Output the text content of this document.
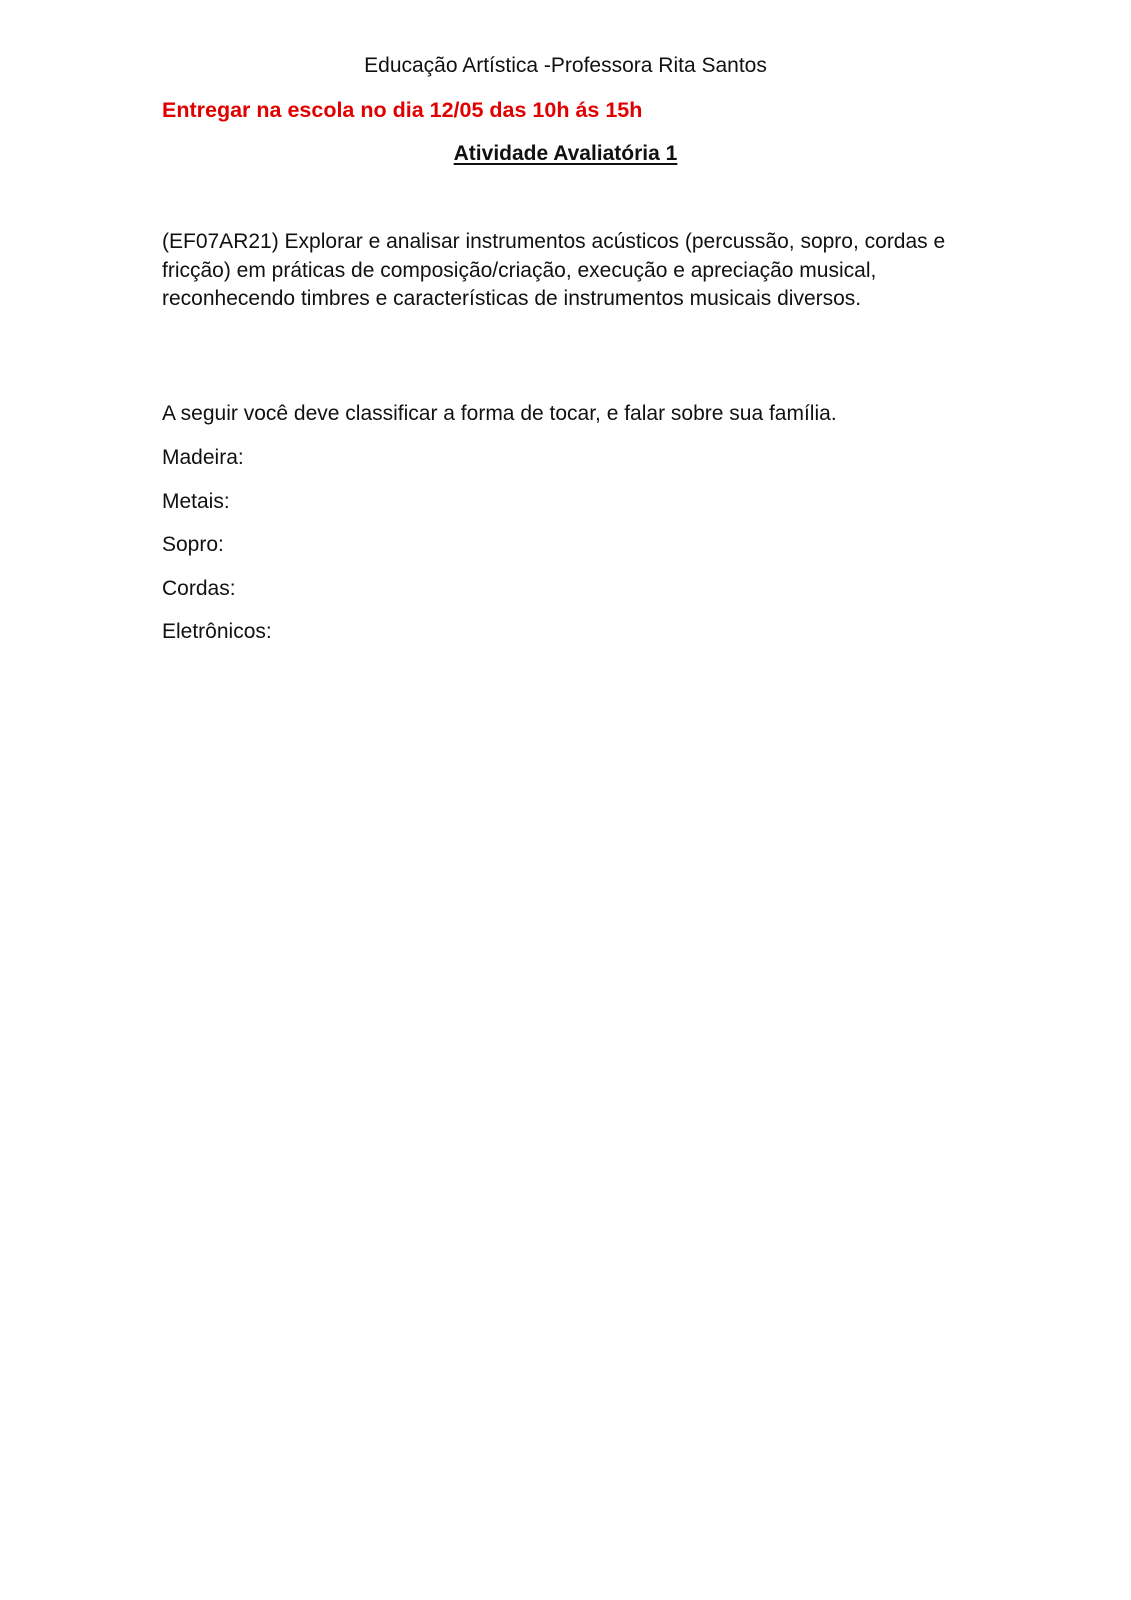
Educação Artística -Professora Rita Santos
Entregar na escola no dia 12/05 das 10h ás 15h
Atividade Avaliatória 1
(EF07AR21) Explorar e analisar instrumentos acústicos (percussão, sopro, cordas e fricção) em práticas de composição/criação, execução e apreciação musical, reconhecendo timbres e características de instrumentos musicais diversos.
A seguir você deve classificar a forma de tocar, e falar sobre sua família.
Madeira:
Metais:
Sopro:
Cordas:
Eletrônicos:
